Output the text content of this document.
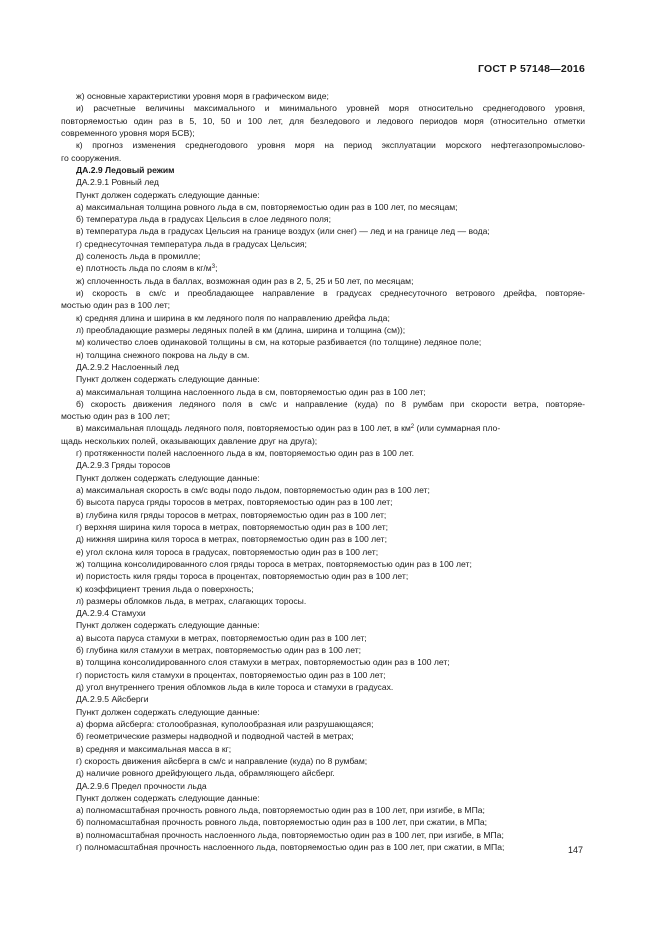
ГОСТ Р 57148—2016

ж) основные характеристики уровня моря в графическом виде;

и) расчетные величины максимального и минимального уровней моря относительно среднегодового уровня,

повторяемостью один раз в 5, 10, 50 и 100 лет, для безледового и ледового периодов моря (относительно отметки

современного уровня моря БСВ);

к) прогноз изменения среднегодового уровня моря на период эксплуатации морского нефтегазопромыслово-

го сооружения.

ДА.2.9 Ледовый режим

ДА.2.9.1 Ровный лед

Пункт должен содержать следующие данные:

а) максимальная толщина ровного льда в см, повторяемостью один раз в 100 лет, по месяцам;

б) температура льда в градусах Цельсия в слое ледяного поля;

в) температура льда в градусах Цельсия на границе воздух (или снег) — лед и на границе лед — вода;

г) среднесуточная температура льда в градусах Цельсия;

д) соленость льда в промилле;

е) плотность льда по слоям в $кг/м^3$;

ж) сплоченность льда в баллах, возможная один раз в 2, 5, 25 и 50 лет, по месяцам;

и) скорость в см/с и преобладающее направление в градусах среднесуточного ветрового дрейфа, повторяе-

мостью один раз в 100 лет;

к) средняя длина и ширина в км ледяного поля по направлению дрейфа льда;

л) преобладающие размеры ледяных полей в км (длина, ширина и толщина (см));

м) количество слоев одинаковой толщины в см, на которые разбивается (по толщине) ледяное поле;

н) толщина снежного покрова на льду в см.

ДА.2.9.2 Наслоенный лед

Пункт должен содержать следующие данные:

а) максимальная толщина наслоенного льда в см, повторяемостью один раз в 100 лет;

б) скорость движения ледяного поля в см/с и направление (куда) по 8 румбам при скорости ветра, повторяе-

мостью один раз в 100 лет;

в) максимальная площадь ледяного поля, повторяемостью один раз в 100 лет, в $км^2$ (или суммарная пло-

щадь нескольких полей, оказывающих давление друг на друга);

г) протяженности полей наслоенного льда в км, повторяемостью один раз в 100 лет.

ДА.2.9.3 Гряды торосов

Пункт должен содержать следующие данные:

а) максимальная скорость в см/с воды подо льдом, повторяемостью один раз в 100 лет;

б) высота паруса гряды торосов в метрах, повторяемостью один раз в 100 лет;

в) глубина киля гряды торосов в метрах, повторяемостью один раз в 100 лет;

г) верхняя ширина киля тороса в метрах, повторяемостью один раз в 100 лет;

д) нижняя ширина киля тороса в метрах, повторяемостью один раз в 100 лет;

е) угол склона киля тороса в градусах, повторяемостью один раз в 100 лет;

ж) толщина консолидированного слоя гряды тороса в метрах, повторяемостью один раз в 100 лет;

и) пористость киля гряды тороса в процентах, повторяемостью один раз в 100 лет;

к) коэффициент трения льда о поверхность;

л) размеры обломков льда, в метрах, слагающих торосы.

ДА.2.9.4 Стамухи

Пункт должен содержать следующие данные:

а) высота паруса стамухи в метрах, повторяемостью один раз в 100 лет;

б) глубина киля стамухи в метрах, повторяемостью один раз в 100 лет;

в) толщина консолидированного слоя стамухи в метрах, повторяемостью один раз в 100 лет;

г) пористость киля стамухи в процентах, повторяемостью один раз в 100 лет;

д) угол внутреннего трения обломков льда в киле тороса и стамухи в градусах.

ДА.2.9.5 Айсберги

Пункт должен содержать следующие данные:

а) форма айсберга: столообразная, куполообразная или разрушающаяся;

б) геометрические размеры надводной и подводной частей в метрах;

в) средняя и максимальная масса в кг;

г) скорость движения айсберга в см/с и направление (куда) по 8 румбам;

д) наличие ровного дрейфующего льда, обрамляющего айсберг.

ДА.2.9.6 Предел прочности льда

Пункт должен содержать следующие данные:

а) полномасштабная прочность ровного льда, повторяемостью один раз в 100 лет, при изгибе, в МПа;

б) полномасштабная прочность ровного льда, повторяемостью один раз в 100 лет, при сжатии, в МПа;

в) полномасштабная прочность наслоенного льда, повторяемостью один раз в 100 лет, при изгибе, в МПа;

г) полномасштабная прочность наслоенного льда, повторяемостью один раз в 100 лет, при сжатии, в МПа;	147
